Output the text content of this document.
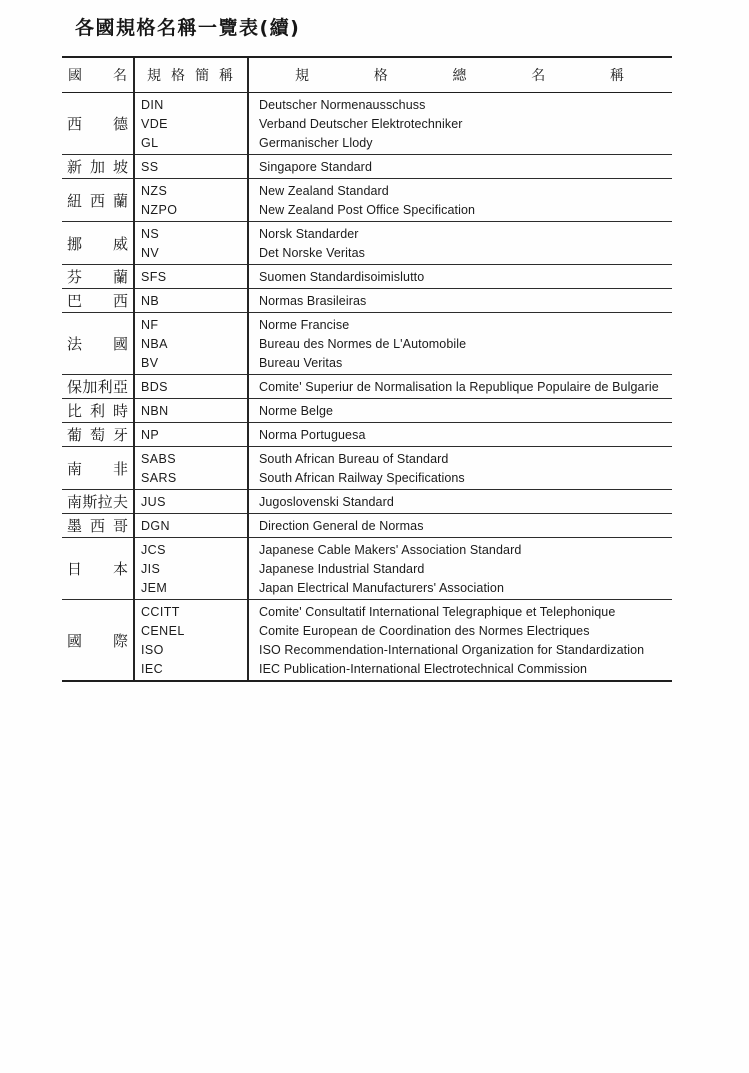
各國規格名稱一覽表(續)
國 名	規 格 簡 稱	規 格 總 名 稱
西 德
DIN	Deutscher Normenausschuss
VDE	Verband Deutscher Elektrotechniker
GL	Germanischer Llody
新 加 坡	SS	Singapore Standard
紐 西 蘭
NZS	New Zealand Standard
NZPO	New Zealand Post Office Specification
挪 威
NS	Norsk Standarder
NV	Det Norske Veritas
芬 蘭	SFS	Suomen Standardisoimislutto
巴 西	NB	Normas Brasileiras
法 國
NF	Norme Francise
NBA	Bureau des Normes de L'Automobile
BV	Bureau Veritas
保加利亞	BDS	Comite' Superiur de Normalisation la Republique Populaire de Bulgarie
比 利 時	NBN	Norme Belge
葡 萄 牙	NP	Norma Portuguesa
南 非
SABS	South African Bureau of Standard
SARS	South African Railway Specifications
南斯拉夫	JUS	Jugoslovenski Standard
墨 西 哥	DGN	Direction General de Normas
日 本
JCS	Japanese Cable Makers' Association Standard
JIS	Japanese Industrial Standard
JEM	Japan Electrical Manufacturers' Association
國 際
CCITT	Comite' Consultatif International Telegraphique et Telephonique
CENEL	Comite European de Coordination des Normes Electriques
ISO	ISO Recommendation-International Organization for Standardization
IEC	IEC Publication-International Electrotechnical Commission
